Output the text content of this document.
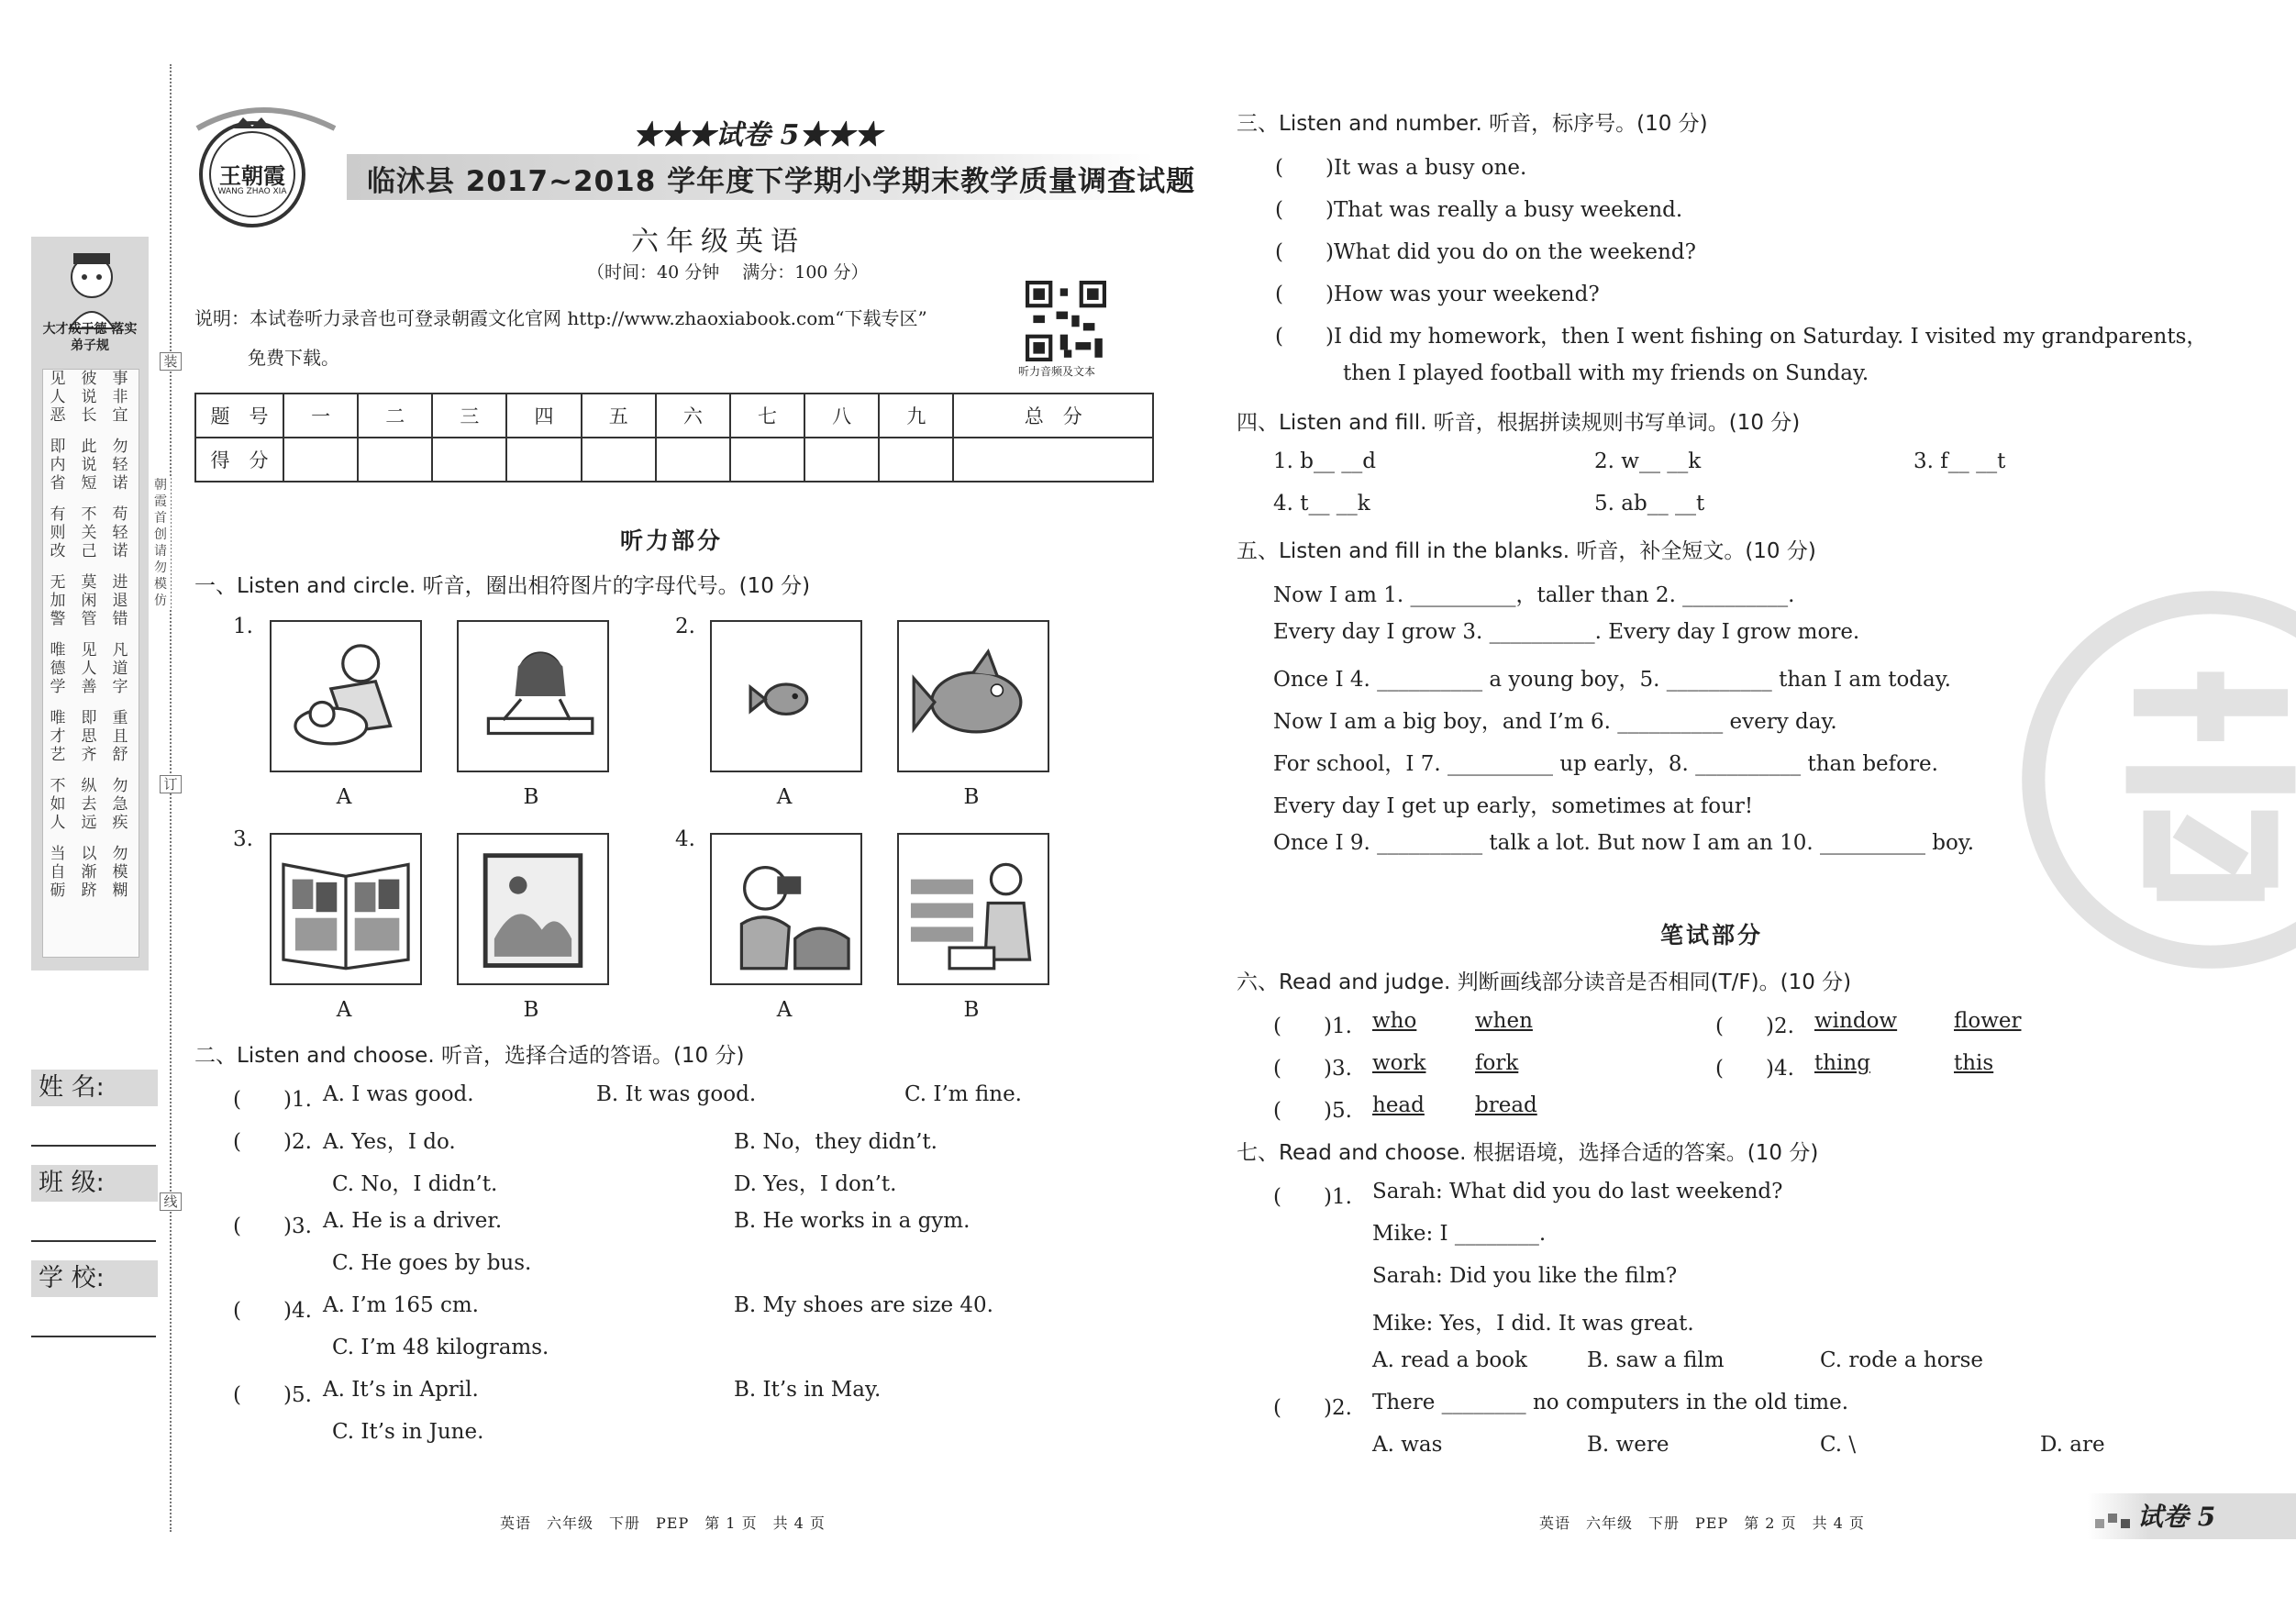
大才成于德 落实弟子规
见人恶
即内省
有则改
无加警
唯德学
唯才艺
不如人
当自砺
彼说长
此说短
不关己
莫闲管
见人善
即思齐
纵去远
以渐跻
事非宜
勿轻诺
苟轻诺
进退错
凡道字
重且舒
勿急疾
勿模糊
装
订
线
朝霞首创 请勿模仿
姓 名:
班 级:
学 校:
王朝霞
WANG ZHAO XIA
★★★试卷 5★★★
临沭县 2017~2018 学年度下学期小学期末教学质量调查试题
六年级英语
（时间：40 分钟　 满分：100 分）
说明：本试卷听力录音也可登录朝霞文化官网 http://www.zhaoxiabook.com“下载专区”
免费下载。
听力音频及文本
题　号	一	二	三	四	五	六	七	八	九	总　分
得　分										
听力部分
一、Listen and circle. 听音，圈出相符图片的字母代号。(10 分)
1.
A	B
2.
A	B
3.
A	B
4.
A	B
二、Listen and choose. 听音，选择合适的答语。(10 分)
(　　)1. A. I was good.	B. It was good.	C. I’m fine.
(　　)2. A. Yes，I do.	B. No，they didn’t.
C. No，I didn’t.	D. Yes，I don’t.
(　　)3. A. He is a driver.	B. He works in a gym.
C. He goes by bus.
(　　)4. A. I’m 165 cm.	B. My shoes are size 40.
C. I’m 48 kilograms.
(　　)5. A. It’s in April.	B. It’s in May.
C. It’s in June.
英语　六年级　下册　PEP　第 1 页　共 4 页
三、Listen and number. 听音，标序号。(10 分)
(　　)It was a busy one.
(　　)That was really a busy weekend.
(　　)What did you do on the weekend?
(　　)How was your weekend?
(　　)I did my homework，then I went fishing on Saturday. I visited my grandparents，
then I played football with my friends on Sunday.
四、Listen and fill. 听音，根据拼读规则书写单词。(10 分)
1. b__ __d	2. w__ __k	3. f__ __t
4. t__ __k	5. ab__ __t
五、Listen and fill in the blanks. 听音，补全短文。(10 分)
Now I am 1. __________，taller than 2. __________.
Every day I grow 3. __________. Every day I grow more.
Once I 4. __________ a young boy，5. __________ than I am today.
Now I am a big boy，and I’m 6. __________ every day.
For school，I 7. __________ up early，8. __________ than before.
Every day I get up early，sometimes at four!
Once I 9. __________ talk a lot. But now I am an 10. __________ boy.
笔试部分
六、Read and judge. 判断画线部分读音是否相同(T/F)。(10 分)
(　　)1. who	when	(　　)2. window	flower
(　　)3. work fork	(　　)4. thing	this
(　　)5. head bread
七、Read and choose. 根据语境，选择合适的答案。(10 分)
(　　)1. Sarah: What did you do last weekend?
Mike: I ________.
Sarah: Did you like the film?
Mike: Yes，I did. It was great.
A. read a book	B. saw a film	C. rode a horse
(　　)2. There ________ no computers in the old time.
A. was	B. were	C. \	D. are
英语　六年级　下册　PEP　第 2 页　共 4 页	试卷 5
